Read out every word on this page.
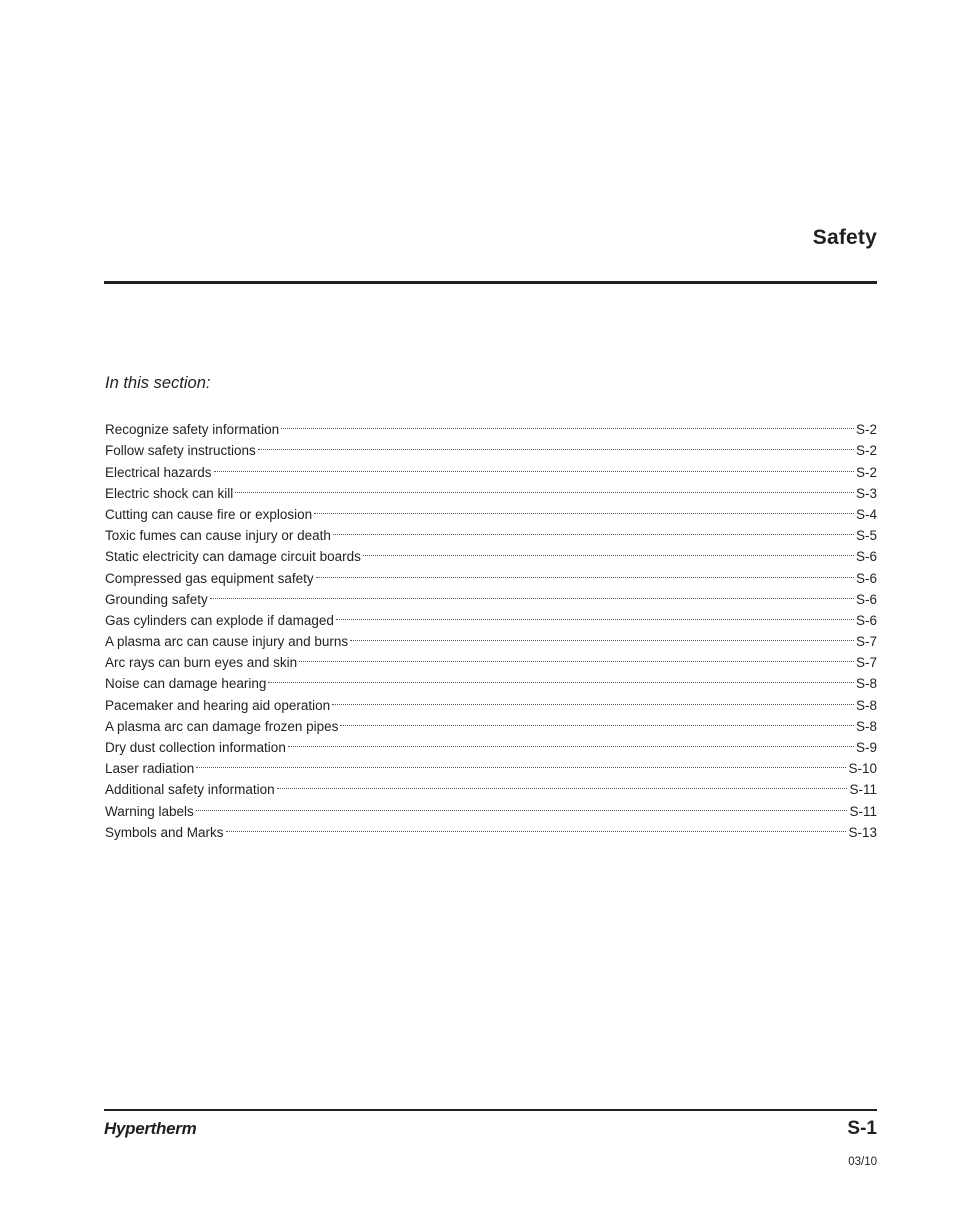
Safety
In this section:
Recognize safety information	S-2
Follow safety instructions	S-2
Electrical hazards	S-2
Electric shock can kill	S-3
Cutting can cause fire or explosion	S-4
Toxic fumes can cause injury or death	S-5
Static electricity can damage circuit boards	S-6
Compressed gas equipment safety	S-6
Grounding safety	S-6
Gas cylinders can explode if damaged	S-6
A plasma arc can cause injury and burns	S-7
Arc rays can burn eyes and skin	S-7
Noise can damage hearing	S-8
Pacemaker and hearing aid operation	S-8
A plasma arc can damage frozen pipes	S-8
Dry dust collection information	S-9
Laser radiation	S-10
Additional safety information	S-11
Warning labels	S-11
Symbols and Marks	S-13
Hypertherm	S-1
03/10
